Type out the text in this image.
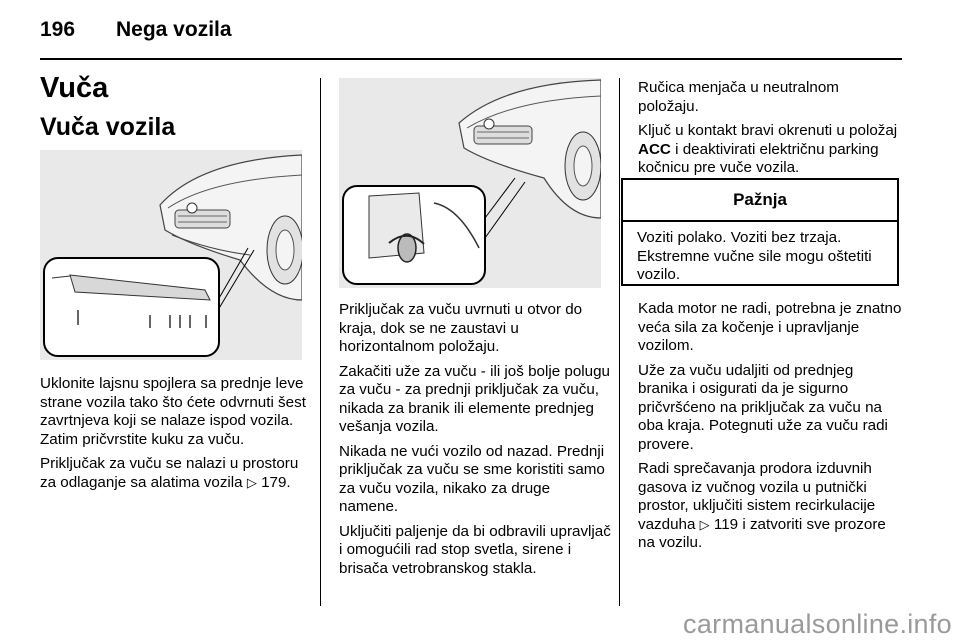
196 Nega vozila
Vuča
Vuča vozila

Uklonite lajsnu spojlera sa prednje leve strane vozila tako što ćete odvrnuti šest zavrtnjeva koji se nalaze ispod vozila. Zatim pričvrstite kuku za vuču.

Priključak za vuču se nalazi u prostoru za odlaganje sa alatima vozila ▷ 179.

Priključak za vuču uvrnuti u otvor do kraja, dok se ne zaustavi u horizontalnom položaju.

Zakačiti uže za vuču - ili još bolje polugu za vuču - za prednji priključak za vuču, nikada za branik ili elemente prednjeg vešanja vozila.

Nikada ne vući vozilo od nazad. Prednji priključak za vuču se sme koristiti samo za vuču vozila, nikako za druge namene.

Uključiti paljenje da bi odbravili upravljač i omogućili rad stop svetla, sirene i brisača vetrobranskog stakla.

Ručica menjača u neutralnom položaju.

Ključ u kontakt bravi okrenuti u položaj ACC i deaktivirati električnu parking kočnicu pre vuče vozila.

Pažnja
Voziti polako. Voziti bez trzaja. Ekstremne vučne sile mogu oštetiti vozilo.

Kada motor ne radi, potrebna je znatno veća sila za kočenje i upravljanje vozilom.

Uže za vuču udaljiti od prednjeg branika i osigurati da je sigurno pričvršćeno na priključak za vuču na oba kraja. Potegnuti uže za vuču radi provere.

Radi sprečavanja prodora izduvnih gasova iz vučnog vozila u putnički prostor, uključiti sistem recirkulacije vazduha ▷ 119 i zatvoriti sve prozore na vozilu.

carmanualsonline.info
